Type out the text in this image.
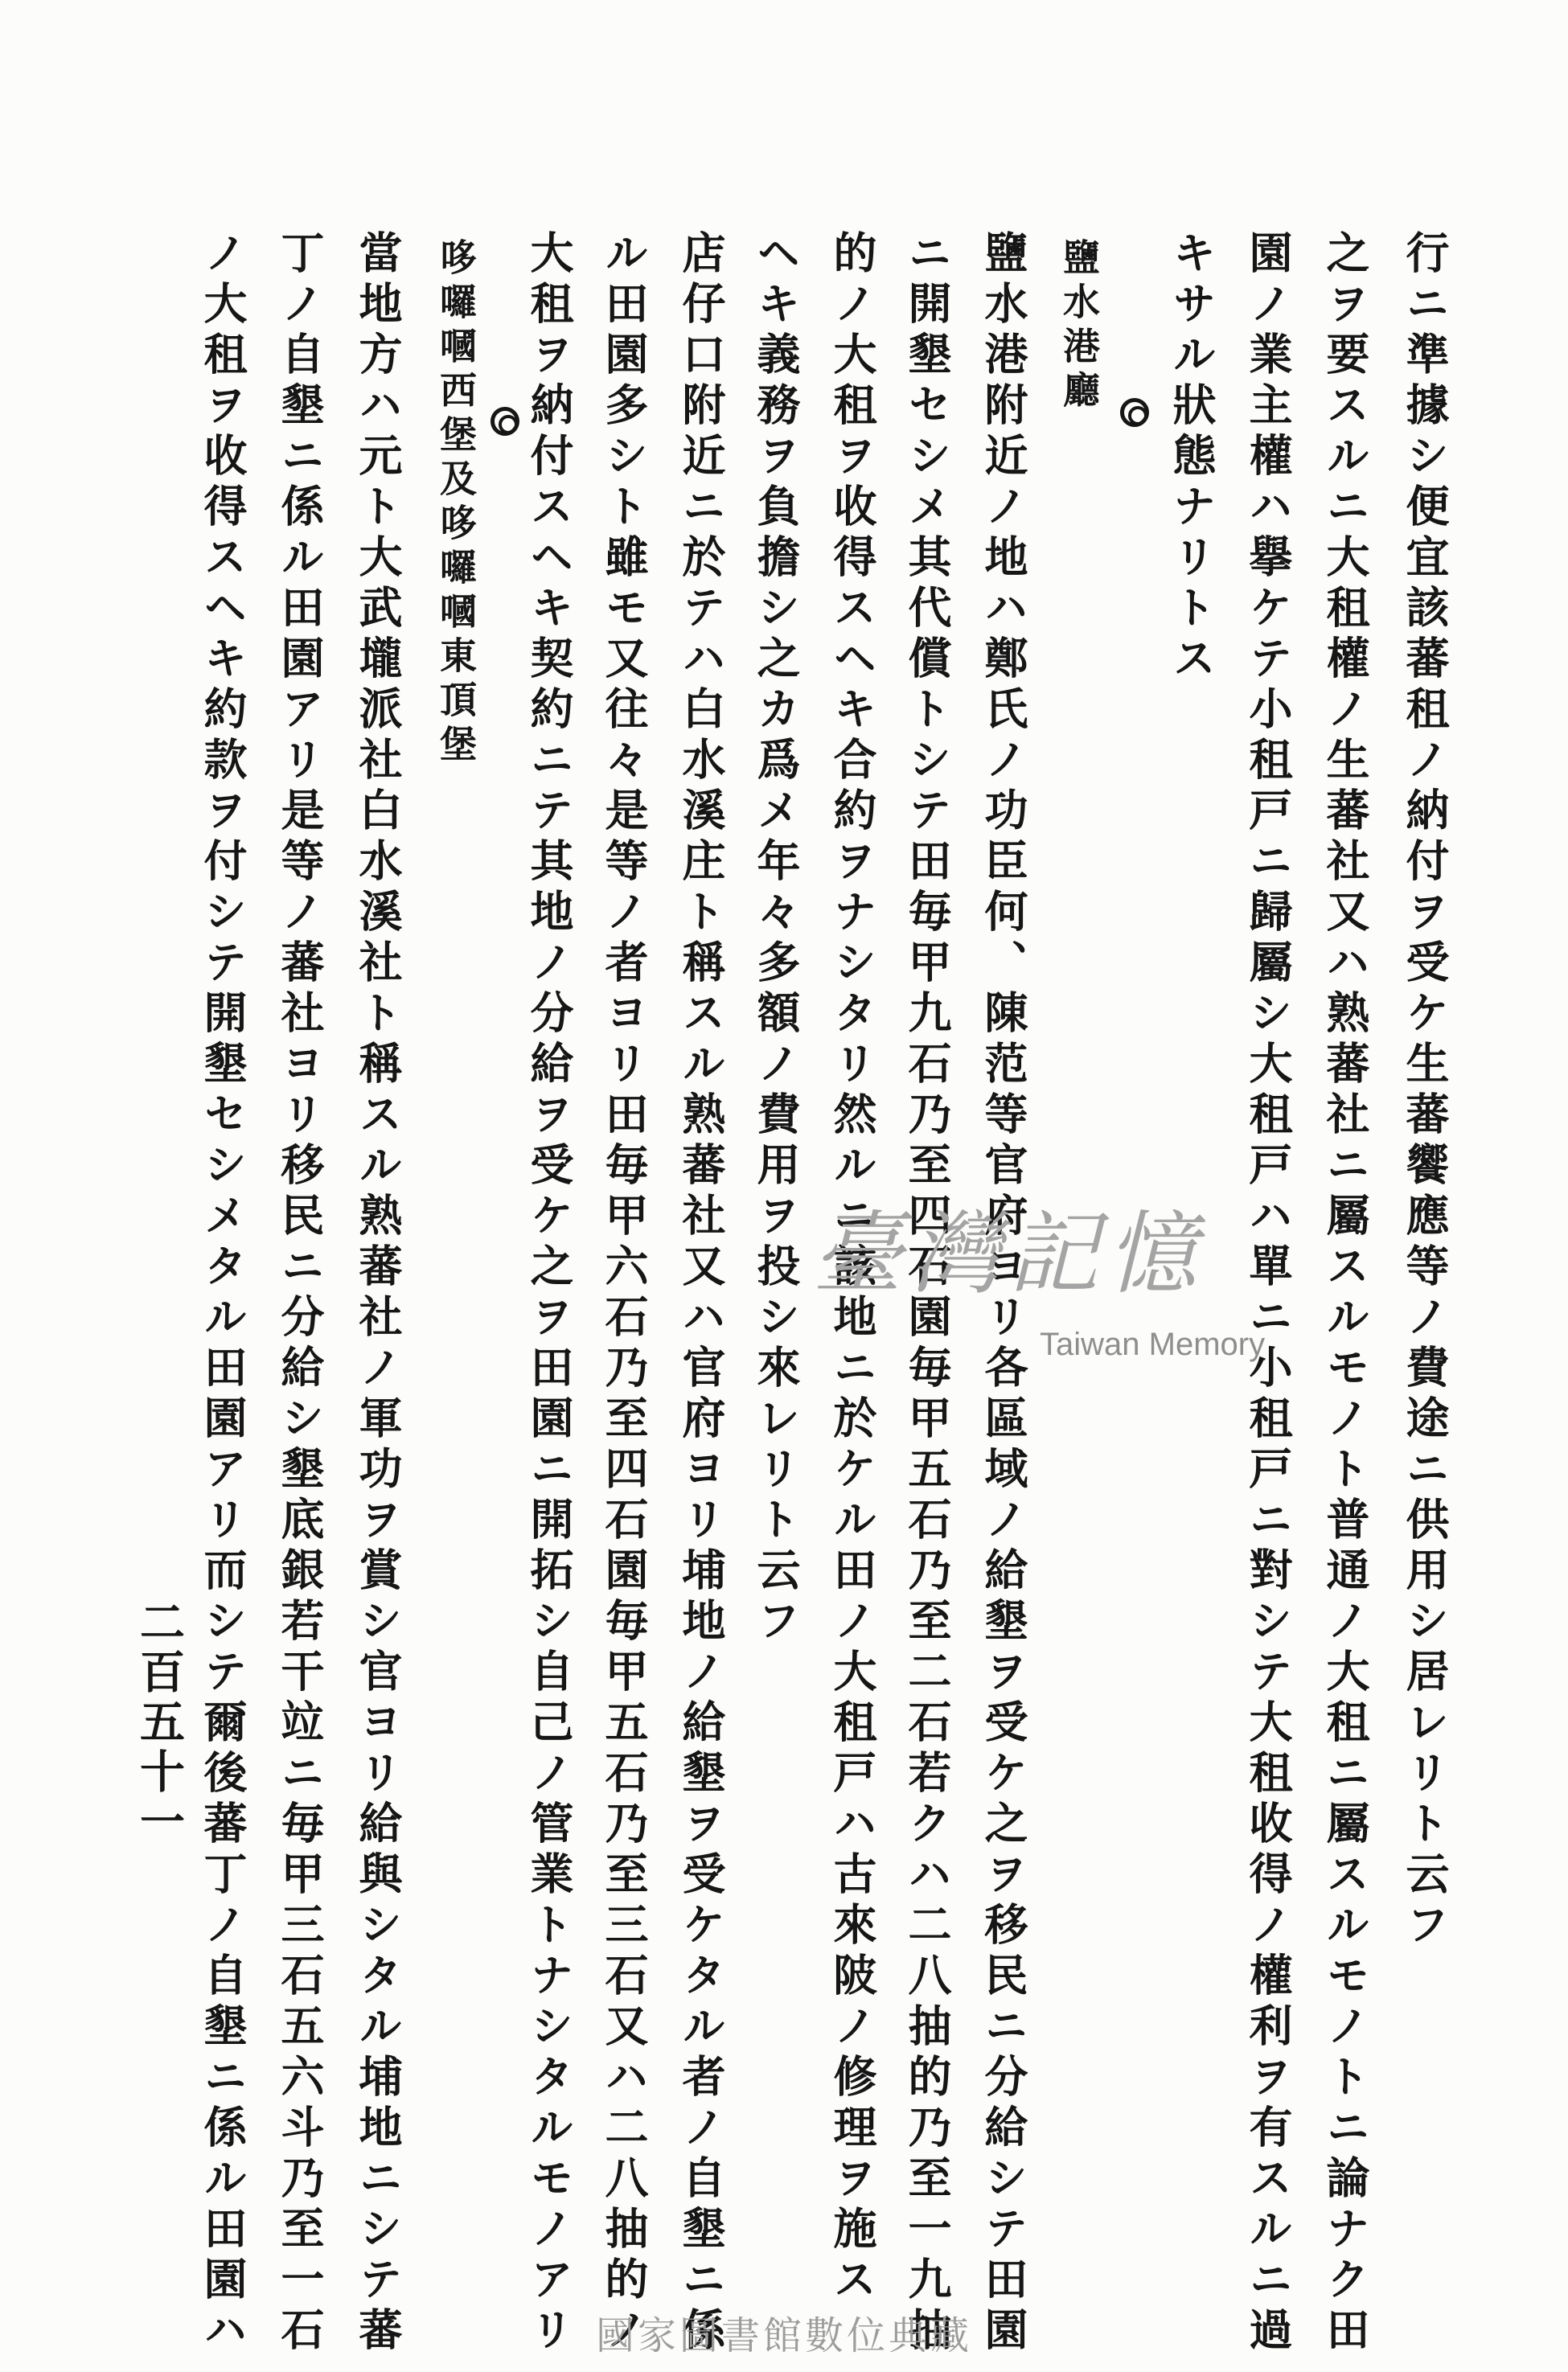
行ニ準據シ便宜該蕃租ノ納付ヲ受ケ生蕃饗應等ノ費途ニ供用シ居レリト云フ
之ヲ要スルニ大租權ノ生蕃社又ハ熟蕃社ニ屬スルモノト普通ノ大租ニ屬スルモノトニ論ナク田
園ノ業主權ハ擧ケテ小租戸ニ歸屬シ大租戸ハ單ニ小租戸ニ對シテ大租收得ノ權利ヲ有スルニ過
キサル狀態ナリトス
鹽水港廳
鹽水港附近ノ地ハ鄭氏ノ功臣何、陳范等官府ヨリ各區域ノ給墾ヲ受ケ之ヲ移民ニ分給シテ田園
ニ開墾セシメ其代償トシテ田毎甲九石乃至四石園毎甲五石乃至二石若クハ二八抽的乃至一九抽
的ノ大租ヲ收得スヘキ合約ヲナシタリ然ルニ該地ニ於ケル田ノ大租戸ハ古來陂ノ修理ヲ施ス
ヘキ義務ヲ負擔シ之カ爲メ年々多額ノ費用ヲ投シ來レリト云フ
店仔口附近ニ於テハ白水溪庄ト稱スル熟蕃社又ハ官府ヨリ埔地ノ給墾ヲ受ケタル者ノ自墾ニ係
ル田園多シト雖モ又往々是等ノ者ヨリ田毎甲六石乃至四石園毎甲五石乃至三石又ハ二八抽的ノ
大租ヲ納付スヘキ契約ニテ其地ノ分給ヲ受ケ之ヲ田園ニ開拓シ自己ノ管業トナシタルモノアリ
哆囉嘓西堡及哆囉嘓東頂堡
當地方ハ元ト大武壠派社白水溪社ト稱スル熟蕃社ノ軍功ヲ賞シ官ヨリ給與シタル埔地ニシテ蕃
丁ノ自墾ニ係ル田園アリ是等ノ蕃社ヨリ移民ニ分給シ墾底銀若干竝ニ毎甲三石五六斗乃至一石
ノ大租ヲ收得スヘキ約款ヲ付シテ開墾セシメタル田園アリ而シテ爾後蕃丁ノ自墾ニ係ル田園ハ
二百五十一
臺灣記憶
Taiwan Memory
國家圖書館數位典藏
